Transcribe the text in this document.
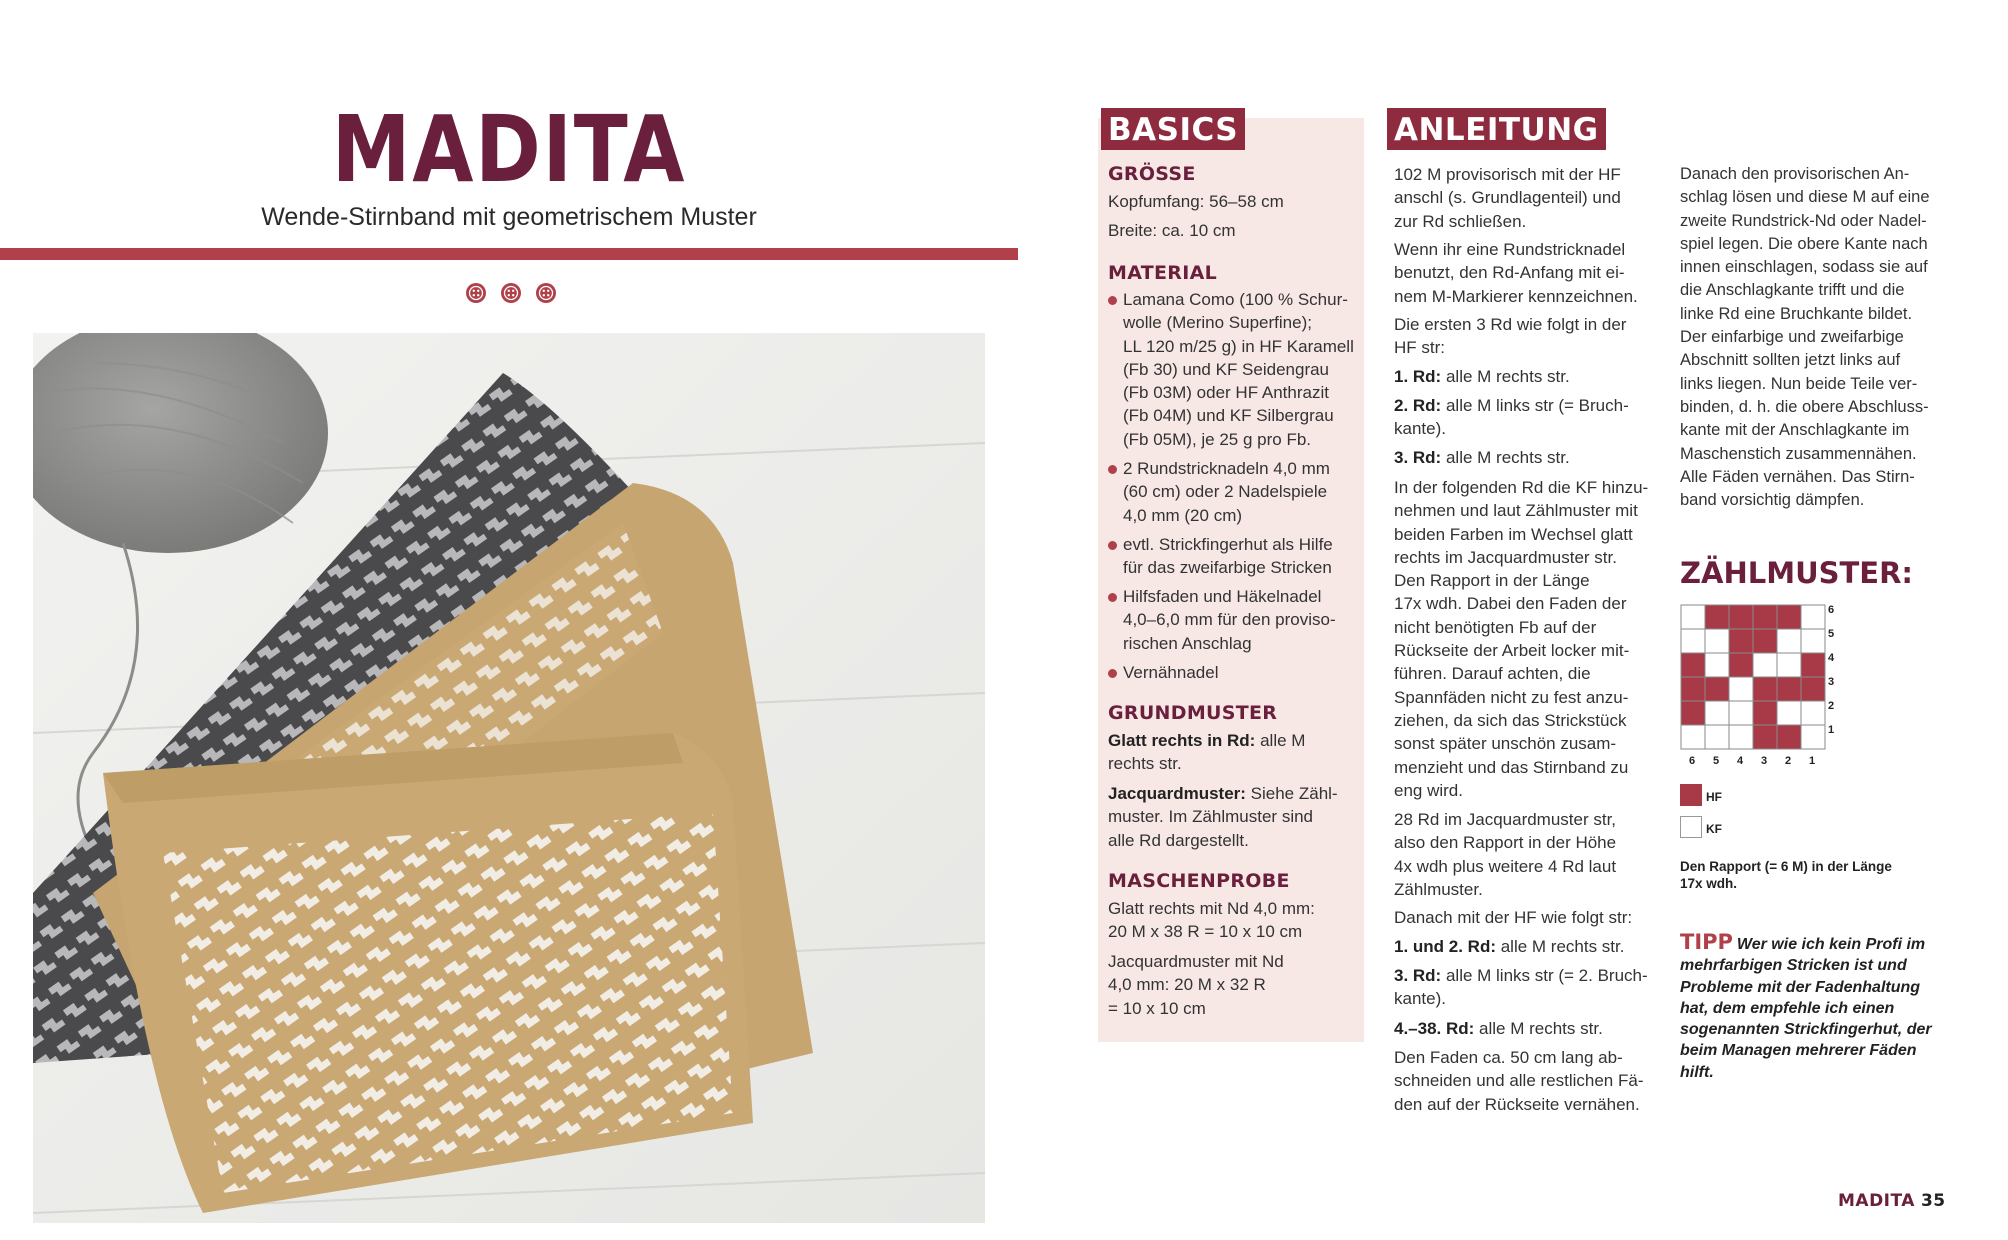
MADITA
Wende-Stirnband mit geometrischem Muster
BASICS
GRÖSSE
Kopfumfang: 56–58 cm
Breite: ca. 10 cm
MATERIAL
Lamana Como (100 % Schur-
wolle (Merino Superfine);
LL 120 m/25 g) in HF Karamell
(Fb 30) und KF Seidengrau
(Fb 03M) oder HF Anthrazit
(Fb 04M) und KF Silbergrau
(Fb 05M), je 25 g pro Fb.
2 Rundstricknadeln 4,0 mm
(60 cm) oder 2 Nadelspiele
4,0 mm (20 cm)
evtl. Strickfingerhut als Hilfe
für das zweifarbige Stricken
Hilfsfaden und Häkelnadel
4,0–6,0 mm für den proviso-
rischen Anschlag
Vernähnadel
GRUNDMUSTER
Glatt rechts in Rd: alle M
rechts str.
Jacquardmuster: Siehe Zähl-
muster. Im Zählmuster sind
alle Rd dargestellt.
MASCHENPROBE
Glatt rechts mit Nd 4,0 mm:
20 M x 38 R = 10 x 10 cm
Jacquardmuster mit Nd
4,0 mm: 20 M x 32 R
= 10 x 10 cm
ANLEITUNG
102 M provisorisch mit der HF
anschl (s. Grundlagenteil) und
zur Rd schließen.
Wenn ihr eine Rundstricknadel
benutzt, den Rd-Anfang mit ei-
nem M-Markierer kennzeichnen.
Die ersten 3 Rd wie folgt in der
HF str:
1. Rd: alle M rechts str.
2. Rd: alle M links str (= Bruch-
kante).
3. Rd: alle M rechts str.
In der folgenden Rd die KF hinzu-
nehmen und laut Zählmuster mit
beiden Farben im Wechsel glatt
rechts im Jacquardmuster str.
Den Rapport in der Länge
17x wdh. Dabei den Faden der
nicht benötigten Fb auf der
Rückseite der Arbeit locker mit-
führen. Darauf achten, die
Spannfäden nicht zu fest anzu-
ziehen, da sich das Strickstück
sonst später unschön zusam-
menzieht und das Stirnband zu
eng wird.
28 Rd im Jacquardmuster str,
also den Rapport in der Höhe
4x wdh plus weitere 4 Rd laut
Zählmuster.
Danach mit der HF wie folgt str:
1. und 2. Rd: alle M rechts str.
3. Rd: alle M links str (= 2. Bruch-
kante).
4.–38. Rd: alle M rechts str.
Den Faden ca. 50 cm lang ab-
schneiden und alle restlichen Fä-
den auf der Rückseite vernähen.
Danach den provisorischen An-
schlag lösen und diese M auf eine
zweite Rundstrick-Nd oder Nadel-
spiel legen. Die obere Kante nach
innen einschlagen, sodass sie auf
die Anschlagkante trifft und die
linke Rd eine Bruchkante bildet.
Der einfarbige und zweifarbige
Abschnitt sollten jetzt links auf
links liegen. Nun beide Teile ver-
binden, d. h. die obere Abschluss-
kante mit der Anschlagkante im
Maschenstich zusammennähen.
Alle Fäden vernähen. Das Stirn-
band vorsichtig dämpfen.
ZÄHLMUSTER:
6
5
4
3
2
1
6	5	4	3	2	1
HF
KF
Den Rapport (= 6 M) in der Länge
17x wdh.
TIPP Wer wie ich kein Profi im mehrfarbigen Stricken ist und Probleme mit der Fadenhaltung hat, dem empfehle ich einen sogenannten Strickfingerhut, der beim Managen mehrerer Fäden hilft.
MADITA 35
